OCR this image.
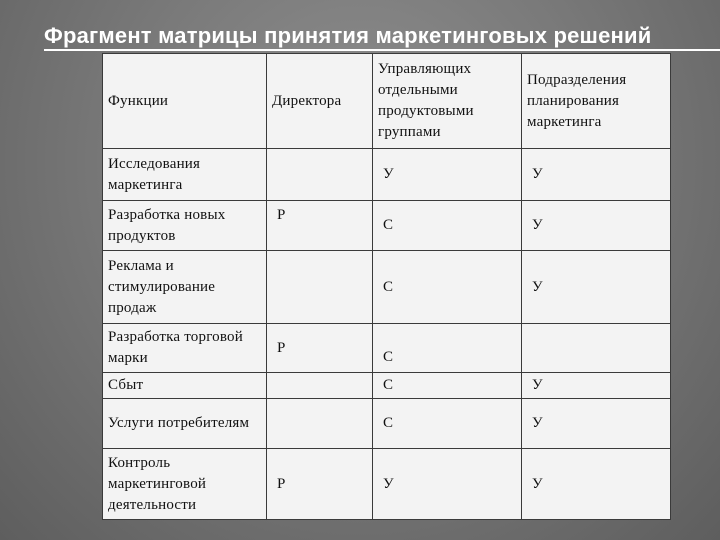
Фрагмент матрицы принятия маркетинговых решений
Функции	Директора	Управляющих отдельными продуктовыми группами	Подразделения планирования маркетинга
Исследования маркетинга		У	У
Разработка новых продуктов	Р	С	У
Реклама и стимулирование продаж		С	У
Разработка торговой марки	Р	С	
Сбыт		С	У
Услуги потребителям		С	У
Контроль маркетинговой деятельности	Р	У	У
